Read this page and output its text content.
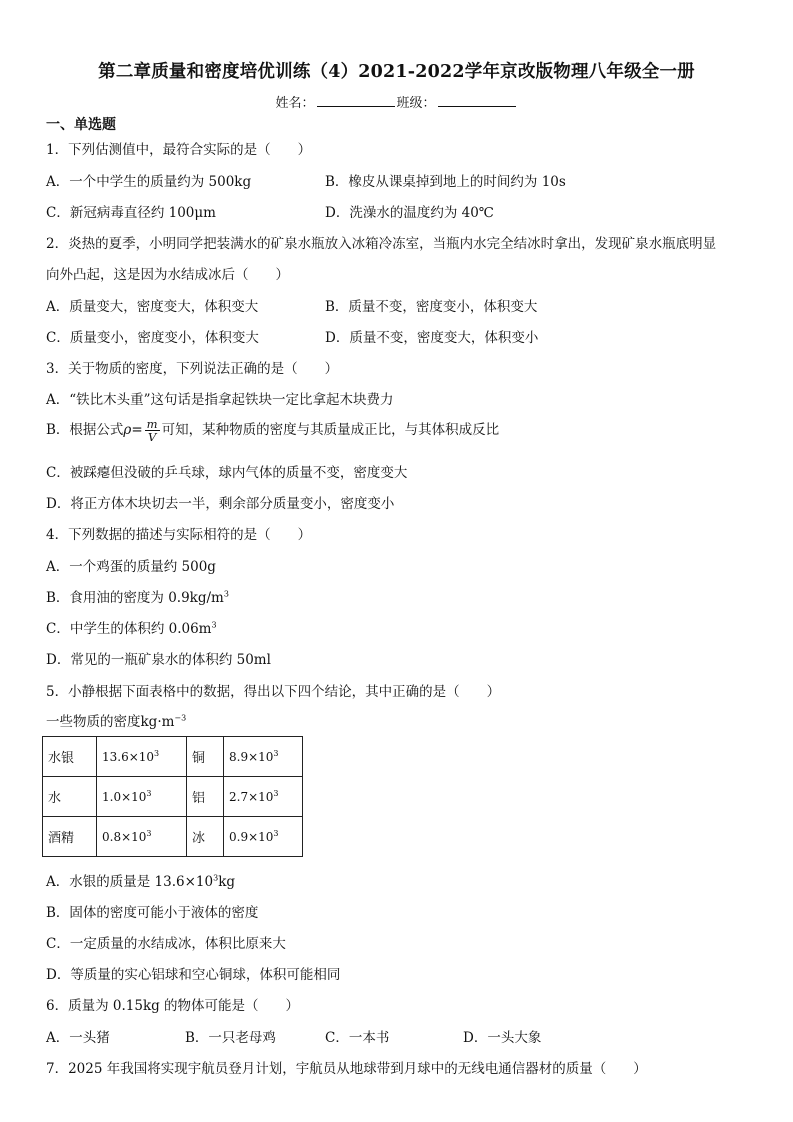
第二章质量和密度培优训练（4）2021-2022学年京改版物理八年级全一册
姓名：	班级：
一、单选题
1．下列估测值中，最符合实际的是（　　）
A．一个中学生的质量约为 500kg	B．橡皮从课桌掉到地上的时间约为 10s
C．新冠病毒直径约 100μm	D．洗澡水的温度约为 40℃
2．炎热的夏季，小明同学把装满水的矿泉水瓶放入冰箱冷冻室，当瓶内水完全结冰时拿出，发现矿泉水瓶底明显
向外凸起，这是因为水结成冰后（　　）
A．质量变大，密度变大，体积变大	B．质量不变，密度变小，体积变大
C．质量变小，密度变小，体积变大	D．质量不变，密度变大，体积变小
3．关于物质的密度，下列说法正确的是（　　）
A．“铁比木头重”这句话是指拿起铁块一定比拿起木块费力
B．根据公式$\rho= \frac{m}{V}$ 可知，某种物质的密度与其质量成正比，与其体积成反比
C．被踩瘪但没破的乒乓球，球内气体的质量不变，密度变大
D．将正方体木块切去一半，剩余部分质量变小，密度变小
4．下列数据的描述与实际相符的是（　　）
A．一个鸡蛋的质量约 500g
B．食用油的密度为 $0.9kg/m^3$
C．中学生的体积约 $0.06m^3$
D．常见的一瓶矿泉水的体积约 50ml
5．小静根据下面表格中的数据，得出以下四个结论，其中正确的是（　　）
一些物质的密度$kg\cdot m^{-3}$
水银	$13.6\times 10^3$	铜	$8.9\times 10^3$
水	$1.0\times 10^3$	铝	$2.7\times 10^3$
酒精	$0.8\times 10^3$	冰	$0.9\times 10^3$
A．水银的质量是 $13.6\times 10^3kg$
B．固体的密度可能小于液体的密度
C．一定质量的水结成冰，体积比原来大
D．等质量的实心铝球和空心铜球，体积可能相同
6．质量为 0.15kg 的物体可能是（　　）
A．一头猪	B．一只老母鸡	C．一本书	D．一头大象
7．2025 年我国将实现宇航员登月计划，宇航员从地球带到月球中的无线电通信器材的质量（　　）
